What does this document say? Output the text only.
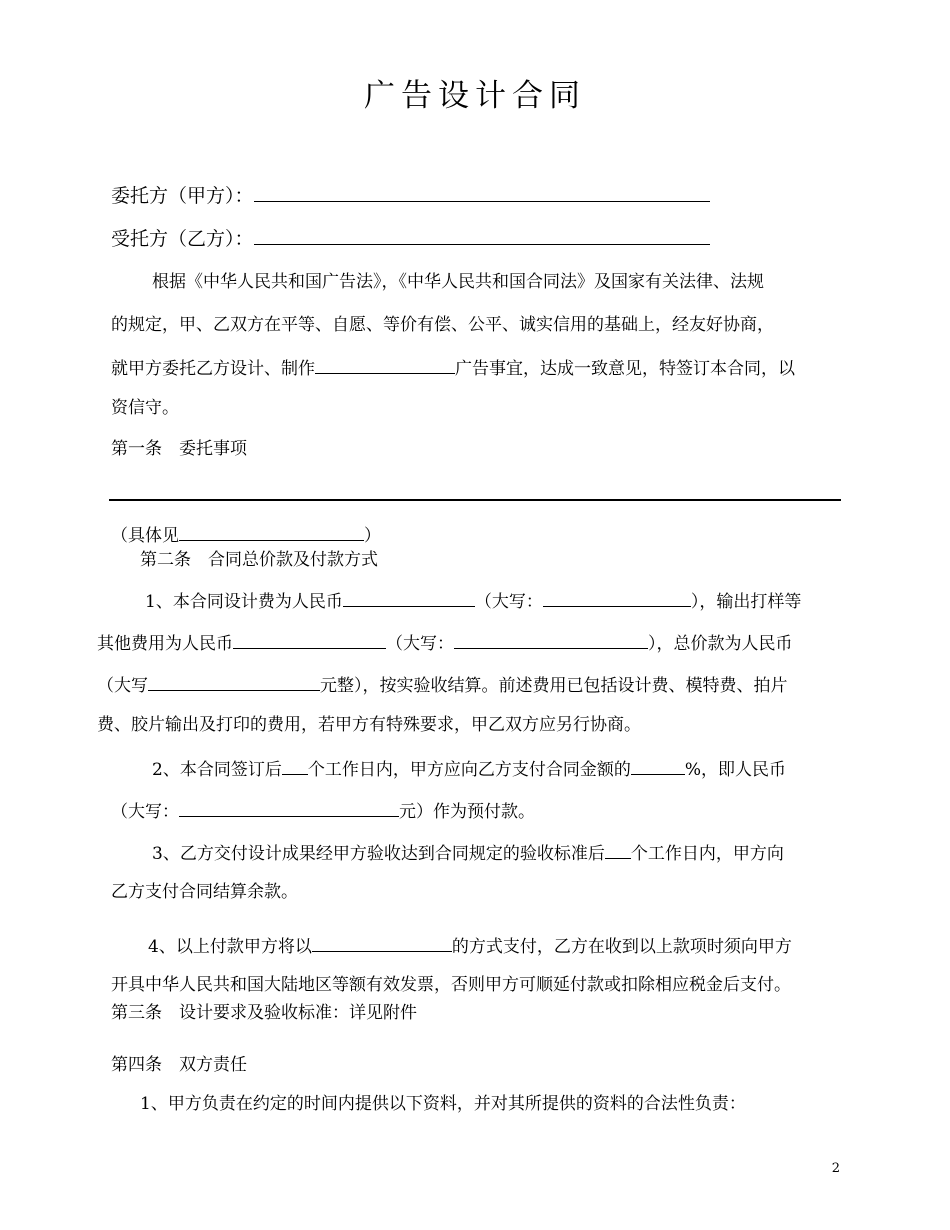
广告设计合同
委托方（甲方）：
受托方（乙方）：
根据《中华人民共和国广告法》，《中华人民共和国合同法》及国家有关法律、法规
的规定，甲、乙双方在平等、自愿、等价有偿、公平、诚实信用的基础上，经友好协商，
就甲方委托乙方设计、制作	广告事宜，达成一致意见，特签订本合同，以
资信守。
第一条　委托事项
（具体见	）
第二条　合同总价款及付款方式
1、本合同设计费为人民币	（大写：	），输出打样等
其他费用为人民币	（大写：	），总价款为人民币
（大写	元整），按实验收结算。前述费用已包括设计费、模特费、拍片
费、胶片输出及打印的费用，若甲方有特殊要求，甲乙双方应另行协商。
2、本合同签订后 个工作日内，甲方应向乙方支付合同金额的	%，即人民币
（大写：	元）作为预付款。
3、乙方交付设计成果经甲方验收达到合同规定的验收标准后 个工作日内，甲方向
乙方支付合同结算余款。
4、以上付款甲方将以	的方式支付，乙方在收到以上款项时须向甲方
开具中华人民共和国大陆地区等额有效发票，否则甲方可顺延付款或扣除相应税金后支付。
第三条　设计要求及验收标准：详见附件
第四条　双方责任
1、甲方负责在约定的时间内提供以下资料，并对其所提供的资料的合法性负责：
2
